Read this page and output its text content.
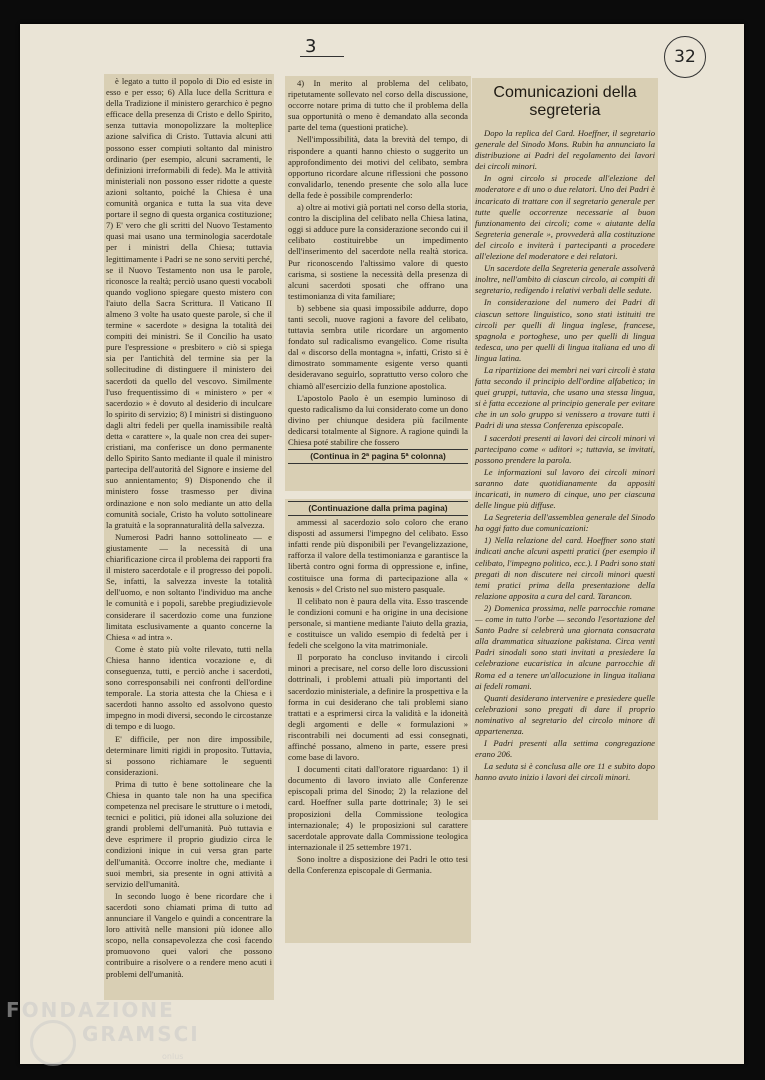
3	32

è legato a tutto il popolo di Dio ed esiste in esso e per esso; 6) Alla luce della Scrittura e della Tradizione il ministero gerarchico è pegno efficace della presenza di Cristo e dello Spirito, senza tuttavia monopolizzare la molteplice azione salvifica di Cristo. Tuttavia alcuni atti possono esser compiuti soltanto dal ministro ordinario (per esempio, alcuni sacramenti, le definizioni irreformabili di fede). Ma le attività ministeriali non possono esser ridotte a queste azioni soltanto, poiché la Chiesa è una comunità organica e tutta la sua vita deve portare il segno di questa organica costituzione; 7) E' vero che gli scritti del Nuovo Testamento quasi mai usano una terminologia sacerdotale per i ministri della Chiesa; tuttavia legittimamente i Padri se ne sono serviti perché, se il Nuovo Testamento non usa le parole, riconosce la realtà; perciò usano questi vocaboli quando vogliono spiegare questo mistero con l'aiuto della Sacra Scrittura. Il Vaticano II almeno 3 volte ha usato queste parole, sì che il termine « sacerdote » designa la totalità dei compiti dei ministri. Se il Concilio ha usato pure l'espressione « presbitero » ciò si spiega sia per l'antichità del termine sia per la sollecitudine di distinguere il ministero dei sacerdoti da quello del vescovo. Similmente l'uso frequentissimo di « ministero » per « sacerdozio » è dovuto al desiderio di inculcare lo spirito di servizio; 8) I ministri si distinguono dagli altri fedeli per quella inamissibile realtà detta « carattere », la quale non crea dei super-cristiani, ma conferisce un dono permanente dello Spirito Santo mediante il quale il ministro partecipa dell'autorità del Signore e insieme del suo annientamento; 9) Disponendo che il ministero fosse trasmesso per divina ordinazione e non solo mediante un atto della comunità sociale, Cristo ha voluto sottolineare la gratuità e la soprannaturalità della salvezza.

Numerosi Padri hanno sottolineato — e giustamente — la necessità di una chiarificazione circa il problema dei rapporti fra il mistero sacerdotale e il progresso dei popoli. Se, infatti, la salvezza investe la totalità dell'uomo, e non soltanto l'individuo ma anche le comunità e i popoli, sarebbe pregiudizievole considerare il sacerdozio come una funzione limitata esclusivamente a quanto concerne la Chiesa « ad intra ».

Come è stato più volte rilevato, tutti nella Chiesa hanno identica vocazione e, di conseguenza, tutti, e perciò anche i sacerdoti, sono corresponsabili nei confronti dell'ordine temporale. La storia attesta che la Chiesa e i sacerdoti hanno assolto ed assolvono questo impegno in modi diversi, secondo le circostanze di tempo e di luogo.

E' difficile, per non dire impossibile, determinare limiti rigidi in proposito. Tuttavia, si possono richiamare le seguenti considerazioni.

Prima di tutto è bene sottolineare che la Chiesa in quanto tale non ha una specifica competenza nel precisare le strutture o i metodi, tecnici e politici, più idonei alla soluzione dei grandi problemi dell'umanità. Può tuttavia e deve esprimere il proprio giudizio circa le condizioni inique in cui versa gran parte dell'umanità. Occorre inoltre che, mediante i suoi membri, sia presente in ogni attività a servizio dell'umanità.

In secondo luogo è bene ricordare che i sacerdoti sono chiamati prima di tutto ad annunciare il Vangelo e quindi a concentrare la loro attività nelle mansioni più idonee allo scopo, nella consapevolezza che così facendo promuovono quei valori che possono contribuire a risolvere o a rendere meno acuti i problemi dell'umanità.

4) In merito al problema del celibato, ripetutamente sollevato nel corso della discussione, occorre notare prima di tutto che il problema della sua opportunità o meno è demandato alla seconda parte del tema (questioni pratiche).

Nell'impossibilità, data la brevità del tempo, di rispondere a quanti hanno chiesto o suggerito un approfondimento dei motivi del celibato, sembra opportuno ricordare alcune riflessioni che possono convalidarlo, tenendo presente che solo alla luce della fede è possibile comprenderlo:

a) oltre ai motivi già portati nel corso della storia, contro la disciplina del celibato nella Chiesa latina, oggi si adduce pure la considerazione secondo cui il celibato costituirebbe un impedimento dell'inserimento del sacerdote nella realtà storica. Pur riconoscendo l'altissimo valore di questo carisma, si sostiene la necessità della presenza di alcuni sacerdoti sposati che offrano una testimonianza di vita familiare;

b) sebbene sia quasi impossibile addurre, dopo tanti secoli, nuove ragioni a favore del celibato, tuttavia sembra utile ricordare un argomento fondato sul radicalismo evangelico. Come risulta dal « discorso della montagna », infatti, Cristo si è dimostrato sommamente esigente verso quanti desideravano seguirlo, soprattutto verso coloro che chiamò all'esercizio della funzione apostolica.

L'apostolo Paolo è un esempio luminoso di questo radicalismo da lui considerato come un dono divino per chiunque desidera più facilmente dedicarsi totalmente al Signore. A ragione quindi la Chiesa poté stabilire che fossero

(Continua in 2ª pagina 5ª colonna)

(Continuazione dalla prima pagina)

ammessi al sacerdozio solo coloro che erano disposti ad assumersi l'impegno del celibato. Esso infatti rende più disponibili per l'evangelizzazione, rafforza il valore della testimonianza e garantisce la libertà contro ogni forma di oppressione e, infine, costituisce una forma di partecipazione alla « kenosis » del Cristo nel suo mistero pasquale.

Il celibato non è paura della vita. Esso trascende le condizioni comuni e ha origine in una decisione personale, si mantiene mediante l'aiuto della grazia, e costituisce un valido esempio di fedeltà per i fedeli che scelgono la vita matrimoniale.

Il porporato ha concluso invitando i circoli minori a precisare, nel corso delle loro discussioni dottrinali, i problemi attuali più importanti del sacerdozio ministeriale, a definire la prospettiva e la forma in cui desiderano che tali problemi siano trattati e a esprimersi circa la validità e la idoneità degli argomenti e delle « formulazioni » riscontrabili nei documenti ad essi consegnati, affinché possano, almeno in parte, essere presi come base di lavoro.

I documenti citati dall'oratore riguardano: 1) il documento di lavoro inviato alle Conferenze episcopali prima del Sinodo; 2) la relazione del card. Hoeffner sulla parte dottrinale; 3) le sei proposizioni della Commissione teologica internazionale; 4) le proposizioni sul carattere sacerdotale approvate dalla Commissione teologica internazionale il 25 settembre 1971.

Sono inoltre a disposizione dei Padri le otto tesi della Conferenza episcopale di Germania.

Comunicazioni della segreteria

Dopo la replica del Card. Hoeffner, il segretario generale del Sinodo Mons. Rubin ha annunciato la distribuzione ai Padri del regolamento dei lavori dei circoli minori.

In ogni circolo si procede all'elezione del moderatore e di uno o due relatori. Uno dei Padri è incaricato di trattare con il segretario generale per tutte quelle occorrenze necessarie al buon funzionamento dei circoli; come « aiutante della Segreteria generale », provvederà alla costituzione del circolo e inviterà i partecipanti a procedere all'elezione del moderatore e dei relatori.

Un sacerdote della Segreteria generale assolverà inoltre, nell'ambito di ciascun circolo, ai compiti di segretario, redigendo i relativi verbali delle sedute.

In considerazione del numero dei Padri di ciascun settore linguistico, sono stati istituiti tre circoli per quelli di lingua inglese, francese, spagnola e portoghese, uno per quelli di lingua tedesca, uno per quelli di lingua italiana ed uno di lingua latina.

La ripartizione dei membri nei vari circoli è stata fatta secondo il principio dell'ordine alfabetico; in quei gruppi, tuttavia, che usano una stessa lingua, si è fatta eccezione al principio generale per evitare che in un solo gruppo si venissero a trovare tutti i Padri di una stessa Conferenza episcopale.

I sacerdoti presenti ai lavori dei circoli minori vi partecipano come « uditori »; tuttavia, se invitati, possono prendere la parola.

Le informazioni sul lavoro dei circoli minori saranno date quotidianamente da appositi incaricati, in numero di cinque, uno per ciascuna delle lingue più diffuse.

La Segreteria dell'assemblea generale del Sinodo ha oggi fatto due comunicazioni:

1) Nella relazione del card. Hoeffner sono stati indicati anche alcuni aspetti pratici (per esempio il celibato, l'impegno politico, ecc.). I Padri sono stati pregati di non discutere nei circoli minori questi temi pratici prima della presentazione della relazione apposita a cura del card. Tarancon.

2) Domenica prossima, nelle parrocchie romane — come in tutto l'orbe — secondo l'esortazione del Santo Padre si celebrerà una giornata consacrata alla drammatica situazione pakistana. Circa venti Padri sinodali sono stati invitati a presiedere la celebrazione eucaristica in alcune parrocchie di Roma ed a tenere un'allocuzione in lingua italiana ai fedeli romani.

Quanti desiderano intervenire e presiedere quelle celebrazioni sono pregati di dare il proprio nominativo al segretario del circolo minore di appartenenza.

I Padri presenti alla settima congregazione erano 206.

La seduta si è conclusa alle ore 11 e subito dopo hanno avuto inizio i lavori dei circoli minori.

FONDAZIONE
GRAMSCI
onlus
